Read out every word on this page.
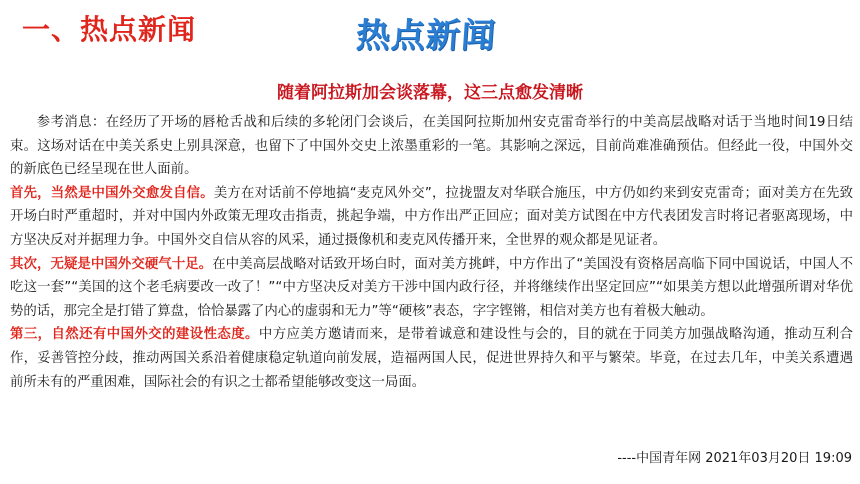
一、热点新闻	热点新闻
随着阿拉斯加会谈落幕，这三点愈发清晰

参考消息：在经历了开场的唇枪舌战和后续的多轮闭门会谈后，在美国阿拉斯加州安克雷奇举行的中美高层战略对话于当地时间19日结束。这场对话在中美关系史上别具深意，也留下了中国外交史上浓墨重彩的一笔。其影响之深远，目前尚难准确预估。但经此一役，中国外交的新底色已经呈现在世人面前。

首先，当然是中国外交愈发自信。美方在对话前不停地搞“麦克风外交”，拉拢盟友对华联合施压，中方仍如约来到安克雷奇；面对美方在先致开场白时严重超时，并对中国内外政策无理攻击指责，挑起争端，中方作出严正回应；面对美方试图在中方代表团发言时将记者驱离现场，中方坚决反对并据理力争。中国外交自信从容的风采，通过摄像机和麦克风传播开来，全世界的观众都是见证者。

其次，无疑是中国外交硬气十足。在中美高层战略对话致开场白时，面对美方挑衅，中方作出了“美国没有资格居高临下同中国说话，中国人不吃这一套”“美国的这个老毛病要改一改了！”“中方坚决反对美方干涉中国内政行径，并将继续作出坚定回应”“如果美方想以此增强所谓对华优势的话，那完全是打错了算盘，恰恰暴露了内心的虚弱和无力”等“硬核”表态，字字铿锵，相信对美方也有着极大触动。

第三，自然还有中国外交的建设性态度。中方应美方邀请而来，是带着诚意和建设性与会的，目的就在于同美方加强战略沟通，推动互利合作，妥善管控分歧，推动两国关系沿着健康稳定轨道向前发展，造福两国人民，促进世界持久和平与繁荣。毕竟，在过去几年，中美关系遭遇前所未有的严重困难，国际社会的有识之士都希望能够改变这一局面。

----中国青年网 2021年03月20日 19:09
